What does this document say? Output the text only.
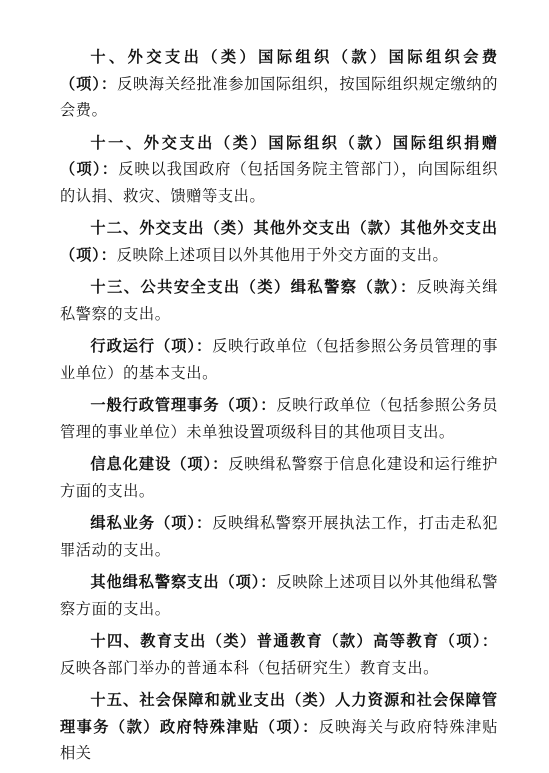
十、外交支出（类）国际组织（款）国际组织会费（项）：反映海关经批准参加国际组织，按国际组织规定缴纳的会费。

十一、外交支出（类）国际组织（款）国际组织捐赠（项）：反映以我国政府（包括国务院主管部门），向国际组织的认捐、救灾、馈赠等支出。

十二、外交支出（类）其他外交支出（款）其他外交支出（项）：反映除上述项目以外其他用于外交方面的支出。

十三、公共安全支出（类）缉私警察（款）：反映海关缉私警察的支出。

行政运行（项）：反映行政单位（包括参照公务员管理的事业单位）的基本支出。

一般行政管理事务（项）：反映行政单位（包括参照公务员管理的事业单位）未单独设置项级科目的其他项目支出。

信息化建设（项）：反映缉私警察于信息化建设和运行维护方面的支出。

缉私业务（项）：反映缉私警察开展执法工作，打击走私犯罪活动的支出。

其他缉私警察支出（项）：反映除上述项目以外其他缉私警察方面的支出。

十四、教育支出（类）普通教育（款）高等教育（项）：反映各部门举办的普通本科（包括研究生）教育支出。

十五、社会保障和就业支出（类）人力资源和社会保障管理事务（款）政府特殊津贴（项）：反映海关与政府特殊津贴相关
